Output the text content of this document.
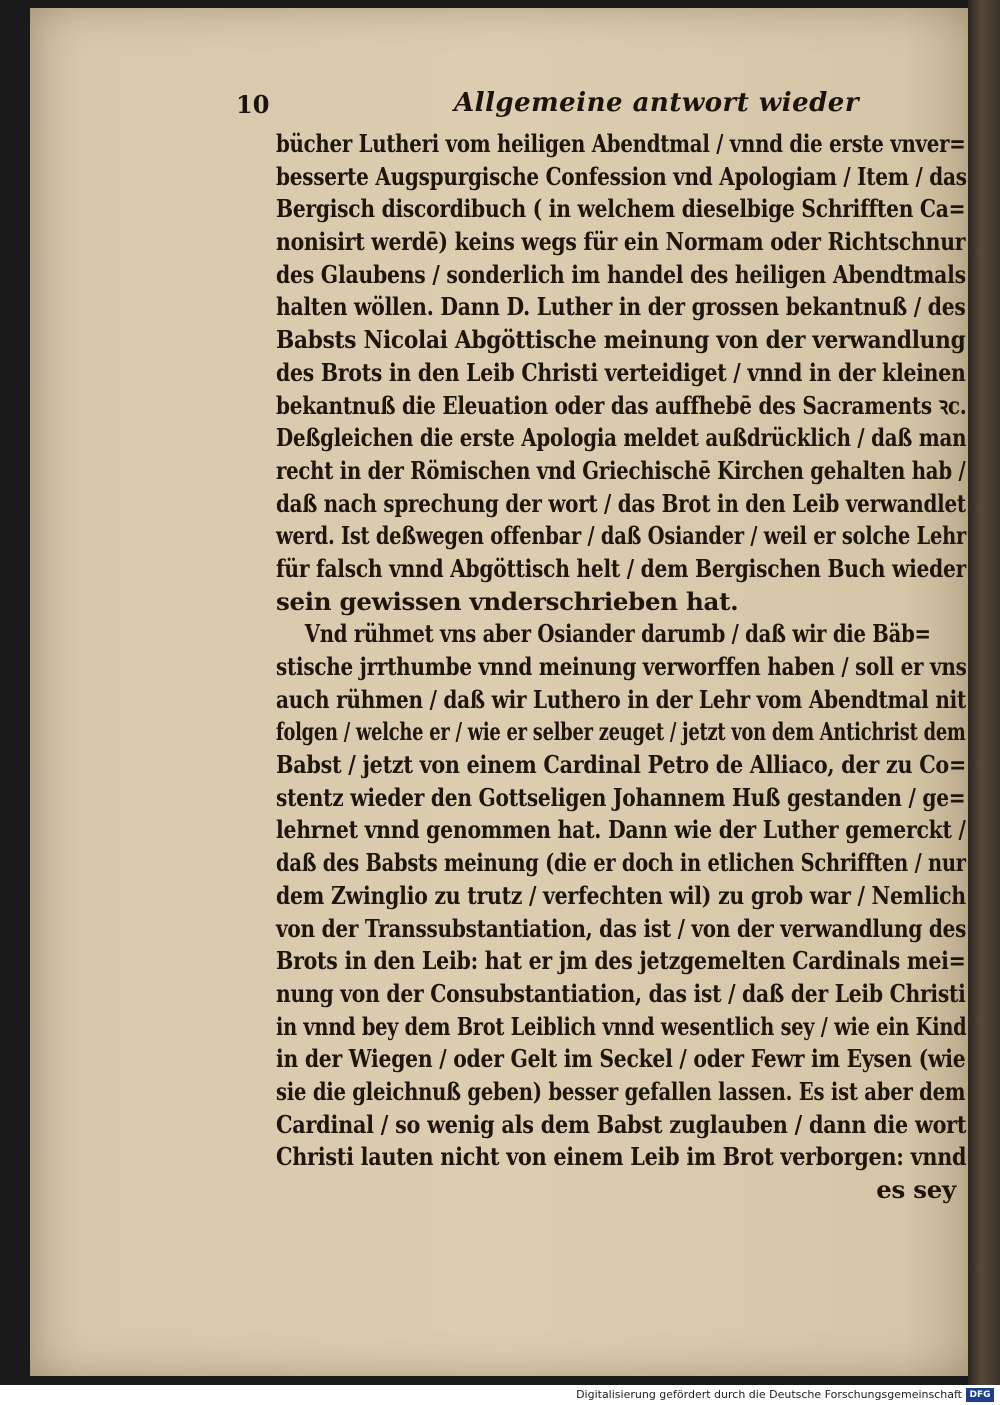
10	Allgemeine antwort wieder
bücher Lutheri vom heiligen Abendtmal / vnnd die erste vnver=
besserte Augspurgische Confession vnd Apologiam / Item / das
Bergisch discordibuch ( in welchem dieselbige Schrifften Ca=
nonisirt werdē) keins wegs für ein Normam oder Richtschnur
des Glaubens / sonderlich im handel des heiligen Abendtmals
halten wöllen. Dann D. Luther in der grossen bekantnuß / des
Babsts Nicolai Abgöttische meinung von der verwandlung
des Brots in den Leib Christi verteidiget / vnnd in der kleinen
bekantnuß die Eleuation oder das auffhebē des Sacraments ꝛc.
Deßgleichen die erste Apologia meldet außdrücklich / daß man
recht in der Römischen vnd Griechischē Kirchen gehalten hab /
daß nach sprechung der wort / das Brot in den Leib verwandlet
werd. Ist deßwegen offenbar / daß Osiander / weil er solche Lehr
für falsch vnnd Abgöttisch helt / dem Bergischen Buch wieder
sein gewissen vnderschrieben hat.
Vnd rühmet vns aber Osiander darumb / daß wir die Bäb=
stische jrrthumbe vnnd meinung verworffen haben / soll er vns
auch rühmen / daß wir Luthero in der Lehr vom Abendtmal nit
folgen / welche er / wie er selber zeuget / jetzt von dem Antichrist dem
Babst / jetzt von einem Cardinal Petro de Alliaco, der zu Co=
stentz wieder den Gottseligen Johannem Huß gestanden / ge=
lehrnet vnnd genommen hat. Dann wie der Luther gemerckt /
daß des Babsts meinung (die er doch in etlichen Schrifften / nur
dem Zwinglio zu trutz / verfechten wil) zu grob war / Nemlich
von der Transsubstantiation, das ist / von der verwandlung des
Brots in den Leib: hat er jm des jetzgemelten Cardinals mei=
nung von der Consubstantiation, das ist / daß der Leib Christi
in vnnd bey dem Brot Leiblich vnnd wesentlich sey / wie ein Kind
in der Wiegen / oder Gelt im Seckel / oder Fewr im Eysen (wie
sie die gleichnuß geben) besser gefallen lassen. Es ist aber dem
Cardinal / so wenig als dem Babst zuglauben / dann die wort
Christi lauten nicht von einem Leib im Brot verborgen: vnnd
es sey
Digitalisierung gefördert durch die Deutsche Forschungsgemeinschaft DFG
